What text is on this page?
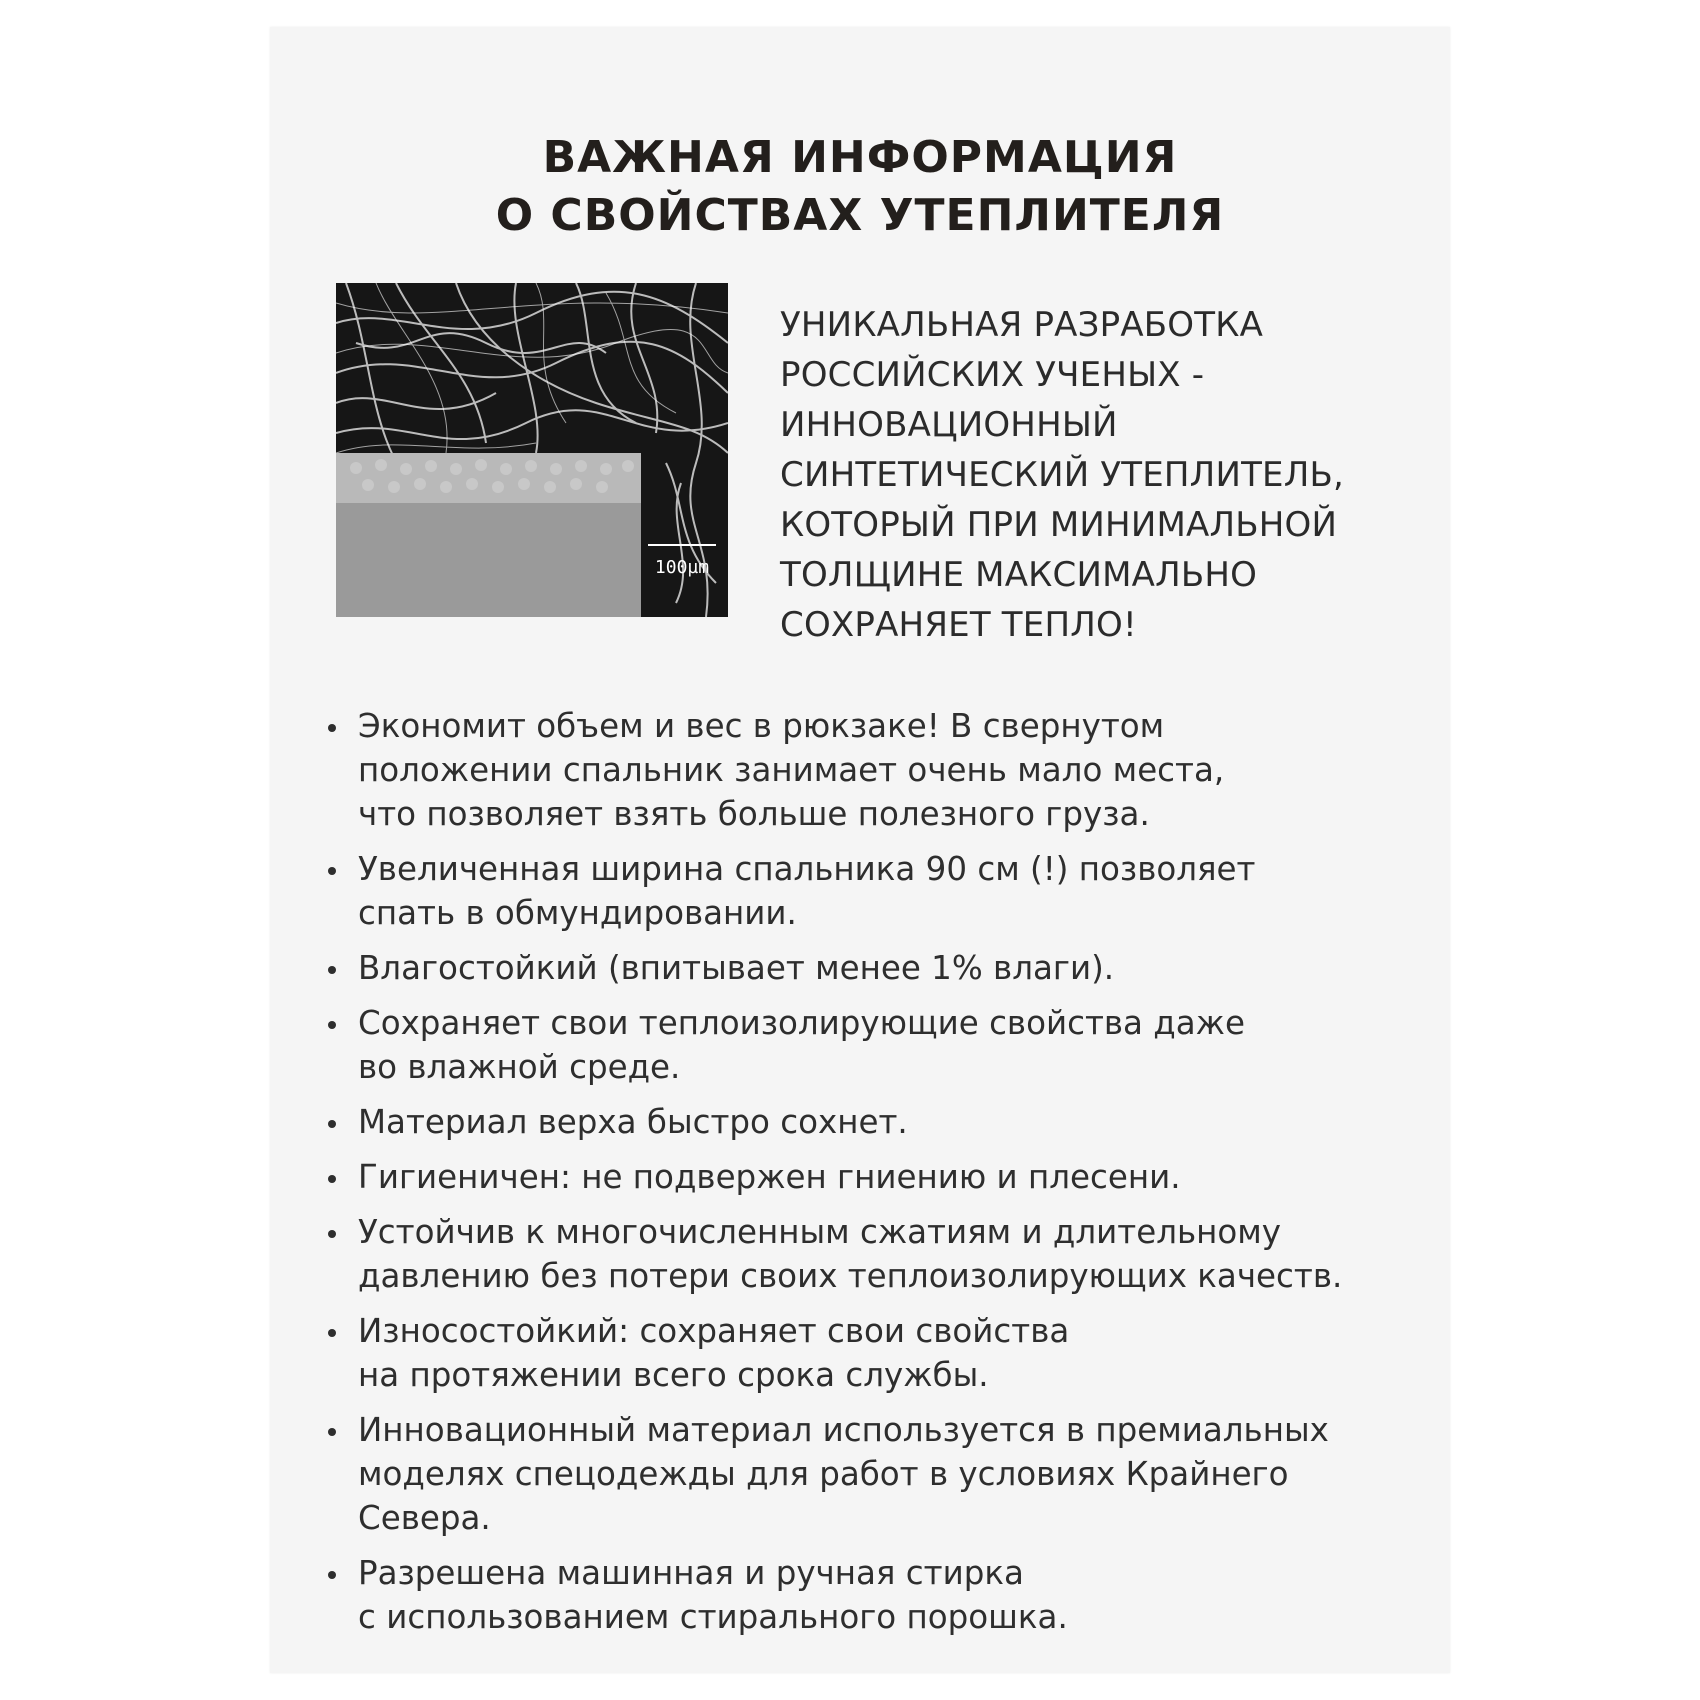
ВАЖНАЯ ИНФОРМАЦИЯ
О СВОЙСТВАХ УТЕПЛИТЕЛЯ
100µm
УНИКАЛЬНАЯ РАЗРАБОТКА
РОССИЙСКИХ УЧЕНЫХ -
ИННОВАЦИОННЫЙ
СИНТЕТИЧЕСКИЙ УТЕПЛИТЕЛЬ,
КОТОРЫЙ ПРИ МИНИМАЛЬНОЙ
ТОЛЩИНЕ МАКСИМАЛЬНО
СОХРАНЯЕТ ТЕПЛО!
Экономит объем и вес в рюкзаке! В свернутом
положении спальник занимает очень мало места,
что позволяет взять больше полезного груза.
Увеличенная ширина спальника 90 см (!) позволяет
спать в обмундировании.
Влагостойкий (впитывает менее 1% влаги).
Сохраняет свои теплоизолирующие свойства даже
во влажной среде.
Материал верха быстро сохнет.
Гигиеничен: не подвержен гниению и плесени.
Устойчив к многочисленным сжатиям и длительному
давлению без потери своих теплоизолирующих качеств.
Износостойкий: сохраняет свои свойства
на протяжении всего срока службы.
Инновационный материал используется в премиальных
моделях спецодежды для работ в условиях Крайнего
Севера.
Разрешена машинная и ручная стирка
с использованием стирального порошка.
